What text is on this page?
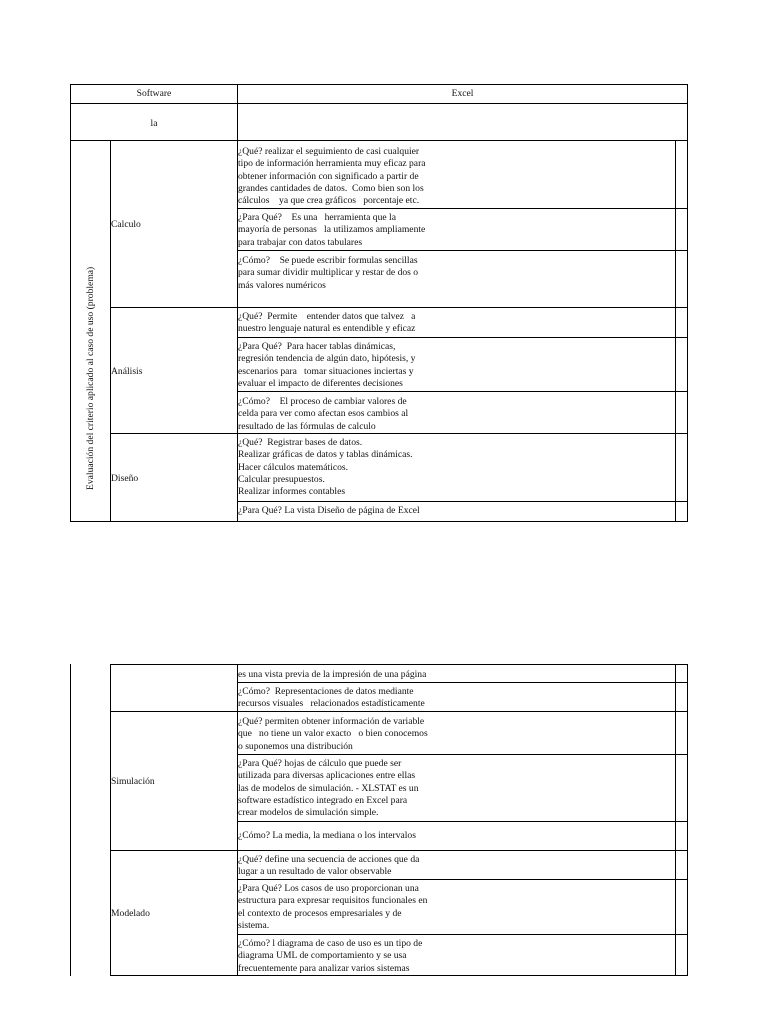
Software	Excel
la
Evaluación del criterio aplicado al caso de uso (problema)
Calculo
¿Qué? realizar el seguimiento de casi cualquier
tipo de información herramienta muy eficaz para
obtener información con significado a partir de
grandes cantidades de datos.  Como bien son los
cálculos    ya que crea gráficos   porcentaje etc.
¿Para Qué?    Es una   herramienta que la
mayoría de personas   la utilizamos ampliamente
para trabajar con datos tabulares
¿Cómo?    Se puede escribir formulas sencillas
para sumar dividir multiplicar y restar de dos o
más valores numéricos
Análisis
¿Qué?  Permite    entender datos que talvez   a
nuestro lenguaje natural es entendible y eficaz
¿Para Qué?  Para hacer tablas dinámicas,
regresión tendencia de algún dato, hipótesis, y
escenarios para   tomar situaciones inciertas y
evaluar el impacto de diferentes decisiones
¿Cómo?    El proceso de cambiar valores de
celda para ver como afectan esos cambios al
resultado de las fórmulas de calculo
Diseño
¿Qué?  Registrar bases de datos.
Realizar gráficas de datos y tablas dinámicas.
Hacer cálculos matemáticos.
Calcular presupuestos.
Realizar informes contables
¿Para Qué? La vista Diseño de página de Excel
es una vista previa de la impresión de una página
¿Cómo?  Representaciones de datos mediante
recursos visuales   relacionados estadísticamente
Simulación
¿Qué? permiten obtener información de variable
que   no tiene un valor exacto   o bien conocemos
o suponemos una distribución
¿Para Qué? hojas de cálculo que puede ser
utilizada para diversas aplicaciones entre ellas
las de modelos de simulación. - XLSTAT es un
software estadístico integrado en Excel para
crear modelos de simulación simple.
¿Cómo? La media, la mediana o los intervalos
Modelado
¿Qué? define una secuencia de acciones que da
lugar a un resultado de valor observable
¿Para Qué? Los casos de uso proporcionan una
estructura para expresar requisitos funcionales en
el contexto de procesos empresariales y de
sistema.
¿Cómo? l diagrama de caso de uso es un tipo de
diagrama UML de comportamiento y se usa
frecuentemente para analizar varios sistemas
